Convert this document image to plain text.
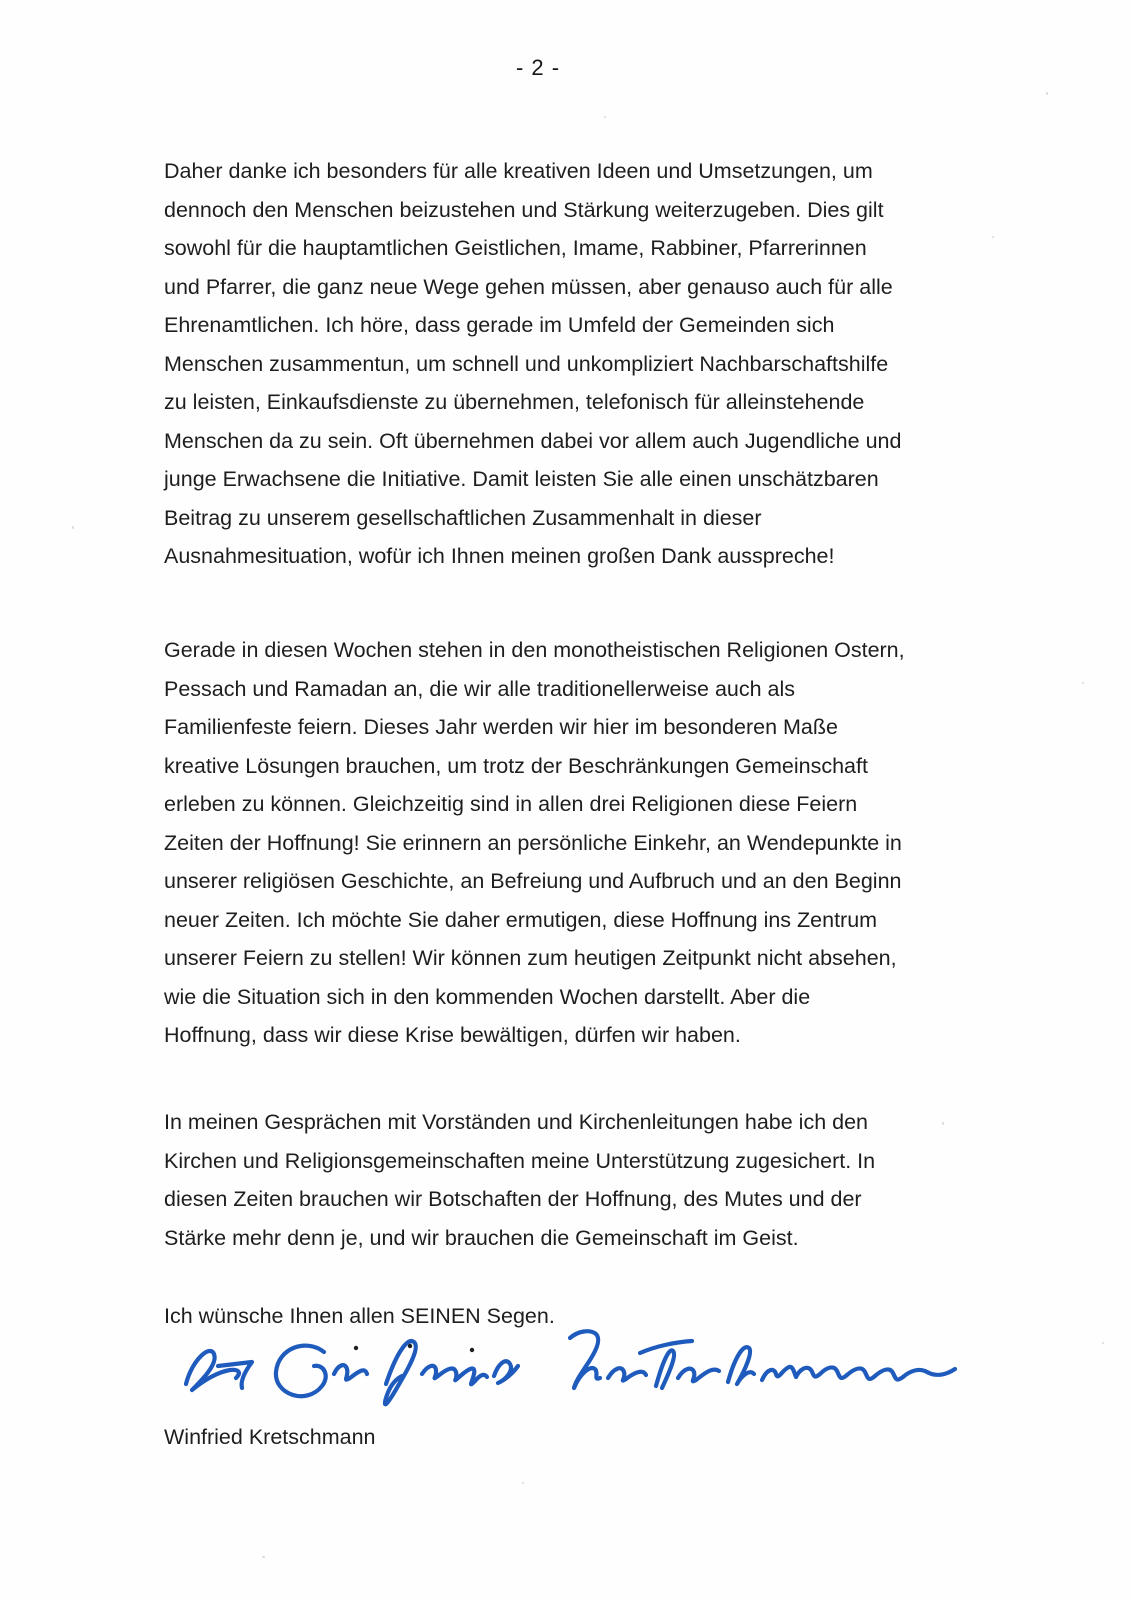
- 2 -
Daher danke ich besonders für alle kreativen Ideen und Umsetzungen, um
dennoch den Menschen beizustehen und Stärkung weiterzugeben. Dies gilt
sowohl für die hauptamtlichen Geistlichen, Imame, Rabbiner, Pfarrerinnen
und Pfarrer, die ganz neue Wege gehen müssen, aber genauso auch für alle
Ehrenamtlichen. Ich höre, dass gerade im Umfeld der Gemeinden sich
Menschen zusammentun, um schnell und unkompliziert Nachbarschaftshilfe
zu leisten, Einkaufsdienste zu übernehmen, telefonisch für alleinstehende
Menschen da zu sein. Oft übernehmen dabei vor allem auch Jugendliche und
junge Erwachsene die Initiative. Damit leisten Sie alle einen unschätzbaren
Beitrag zu unserem gesellschaftlichen Zusammenhalt in dieser
Ausnahmesituation, wofür ich Ihnen meinen großen Dank ausspreche!
Gerade in diesen Wochen stehen in den monotheistischen Religionen Ostern,
Pessach und Ramadan an, die wir alle traditionellerweise auch als
Familienfeste feiern. Dieses Jahr werden wir hier im besonderen Maße
kreative Lösungen brauchen, um trotz der Beschränkungen Gemeinschaft
erleben zu können. Gleichzeitig sind in allen drei Religionen diese Feiern
Zeiten der Hoffnung! Sie erinnern an persönliche Einkehr, an Wendepunkte in
unserer religiösen Geschichte, an Befreiung und Aufbruch und an den Beginn
neuer Zeiten. Ich möchte Sie daher ermutigen, diese Hoffnung ins Zentrum
unserer Feiern zu stellen! Wir können zum heutigen Zeitpunkt nicht absehen,
wie die Situation sich in den kommenden Wochen darstellt. Aber die
Hoffnung, dass wir diese Krise bewältigen, dürfen wir haben.
In meinen Gesprächen mit Vorständen und Kirchenleitungen habe ich den
Kirchen und Religionsgemeinschaften meine Unterstützung zugesichert. In
diesen Zeiten brauchen wir Botschaften der Hoffnung, des Mutes und der
Stärke mehr denn je, und wir brauchen die Gemeinschaft im Geist.
Ich wünsche Ihnen allen SEINEN Segen.
Winfried Kretschmann
